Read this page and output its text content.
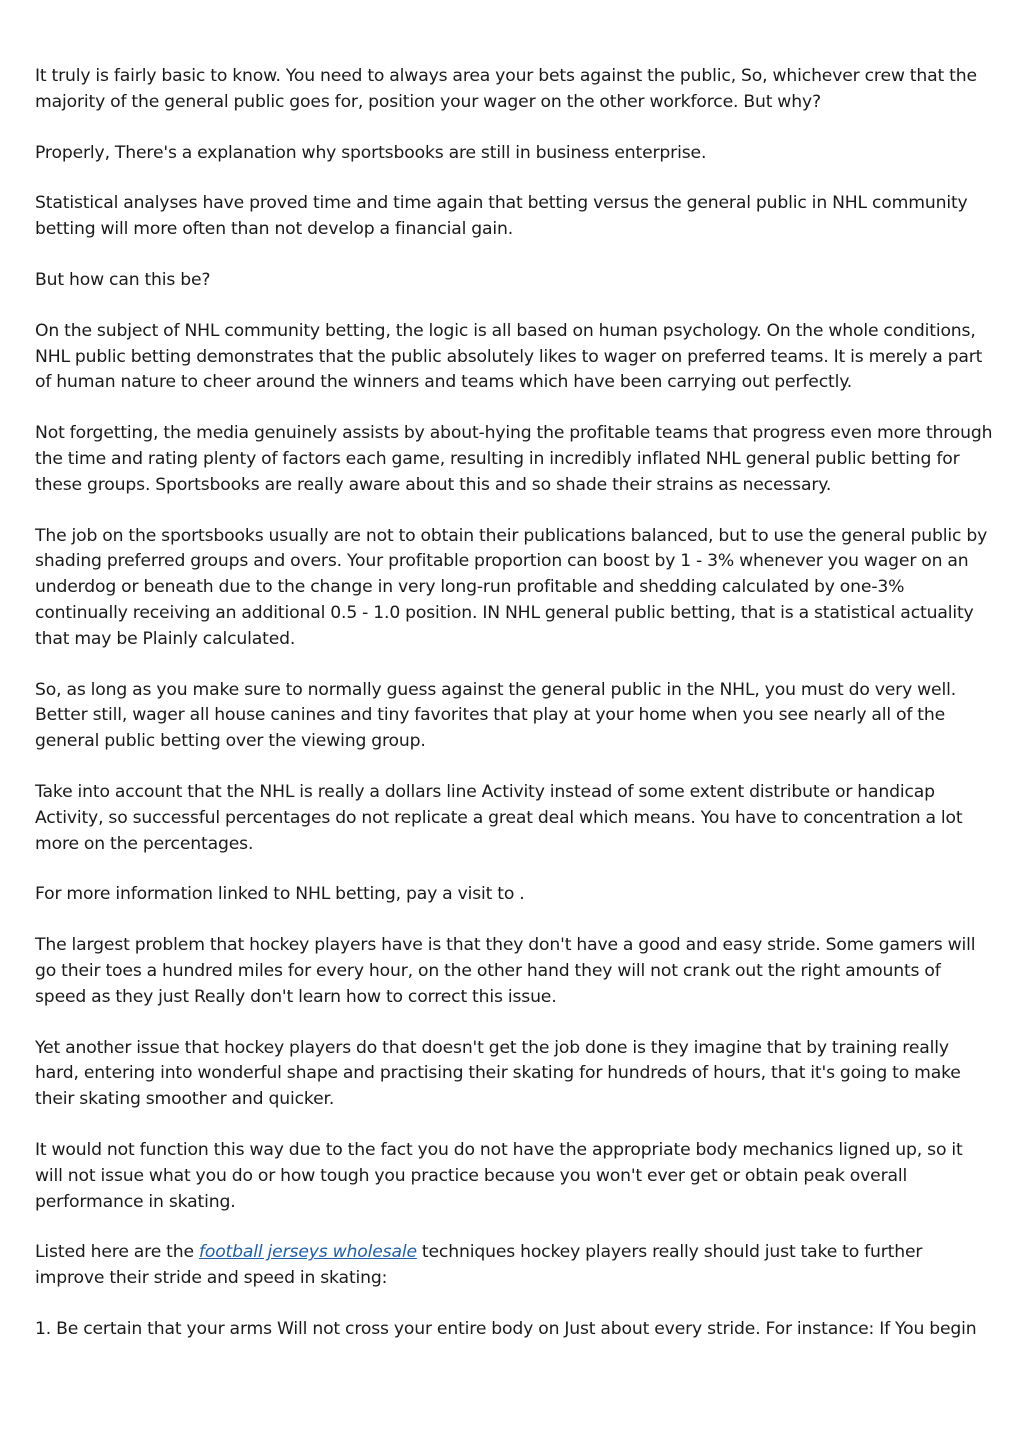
It truly is fairly basic to know. You need to always area your bets against the public, So, whichever crew that the majority of the general public goes for, position your wager on the other workforce. But why?

Properly, There's a explanation why sportsbooks are still in business enterprise.

Statistical analyses have proved time and time again that betting versus the general public in NHL community betting will more often than not develop a financial gain.

But how can this be?

On the subject of NHL community betting, the logic is all based on human psychology. On the whole conditions, NHL public betting demonstrates that the public absolutely likes to wager on preferred teams. It is merely a part of human nature to cheer around the winners and teams which have been carrying out perfectly.

Not forgetting, the media genuinely assists by about-hying the profitable teams that progress even more through the time and rating plenty of factors each game, resulting in incredibly inflated NHL general public betting for these groups. Sportsbooks are really aware about this and so shade their strains as necessary.

The job on the sportsbooks usually are not to obtain their publications balanced, but to use the general public by shading preferred groups and overs. Your profitable proportion can boost by 1 - 3% whenever you wager on an underdog or beneath due to the change in very long-run profitable and shedding calculated by one-3% continually receiving an additional 0.5 - 1.0 position. IN NHL general public betting, that is a statistical actuality that may be Plainly calculated.

So, as long as you make sure to normally guess against the general public in the NHL, you must do very well. Better still, wager all house canines and tiny favorites that play at your home when you see nearly all of the general public betting over the viewing group.

Take into account that the NHL is really a dollars line Activity instead of some extent distribute or handicap Activity, so successful percentages do not replicate a great deal which means. You have to concentration a lot more on the percentages.

For more information linked to NHL betting, pay a visit to .

The largest problem that hockey players have is that they don't have a good and easy stride. Some gamers will go their toes a hundred miles for every hour, on the other hand they will not crank out the right amounts of speed as they just Really don't learn how to correct this issue.

Yet another issue that hockey players do that doesn't get the job done is they imagine that by training really hard, entering into wonderful shape and practising their skating for hundreds of hours, that it's going to make their skating smoother and quicker.

It would not function this way due to the fact you do not have the appropriate body mechanics ligned up, so it will not issue what you do or how tough you practice because you won't ever get or obtain peak overall performance in skating.

Listed here are the football jerseys wholesale techniques hockey players really should just take to further improve their stride and speed in skating:

1. Be certain that your arms Will not cross your entire body on Just about every stride. For instance: If You begin
